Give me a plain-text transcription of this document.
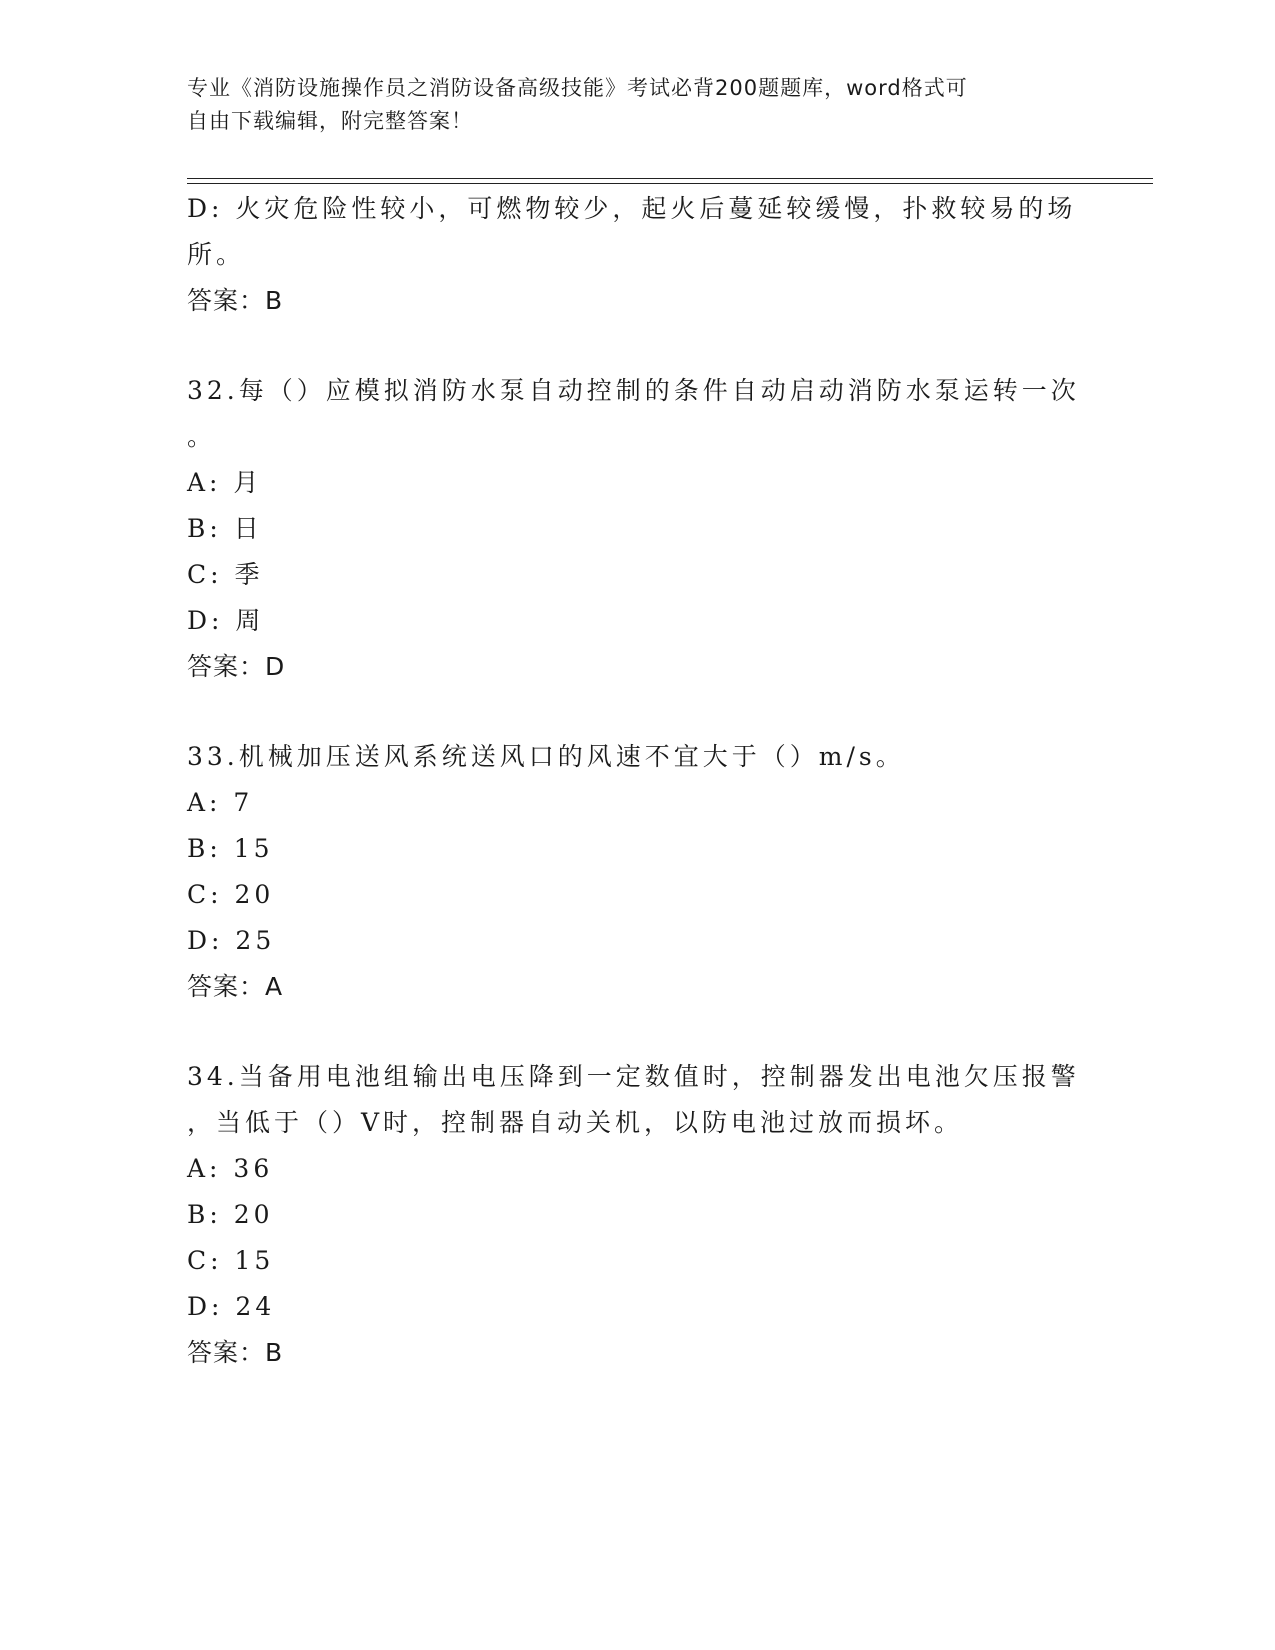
专业《消防设施操作员之消防设备高级技能》考试必背200题题库，word格式可
自由下载编辑，附完整答案！
D: 火灾危险性较小，可燃物较少，起火后蔓延较缓慢，扑救较易的场
所。
答案：B
32.每（）应模拟消防水泵自动控制的条件自动启动消防水泵运转一次
。
A: 月
B: 日
C: 季
D: 周
答案：D
33.机械加压送风系统送风口的风速不宜大于（）m/s。
A: 7
B: 15
C: 20
D: 25
答案：A
34.当备用电池组输出电压降到一定数值时，控制器发出电池欠压报警
，当低于（）V时，控制器自动关机，以防电池过放而损坏。
A: 36
B: 20
C: 15
D: 24
答案：B
